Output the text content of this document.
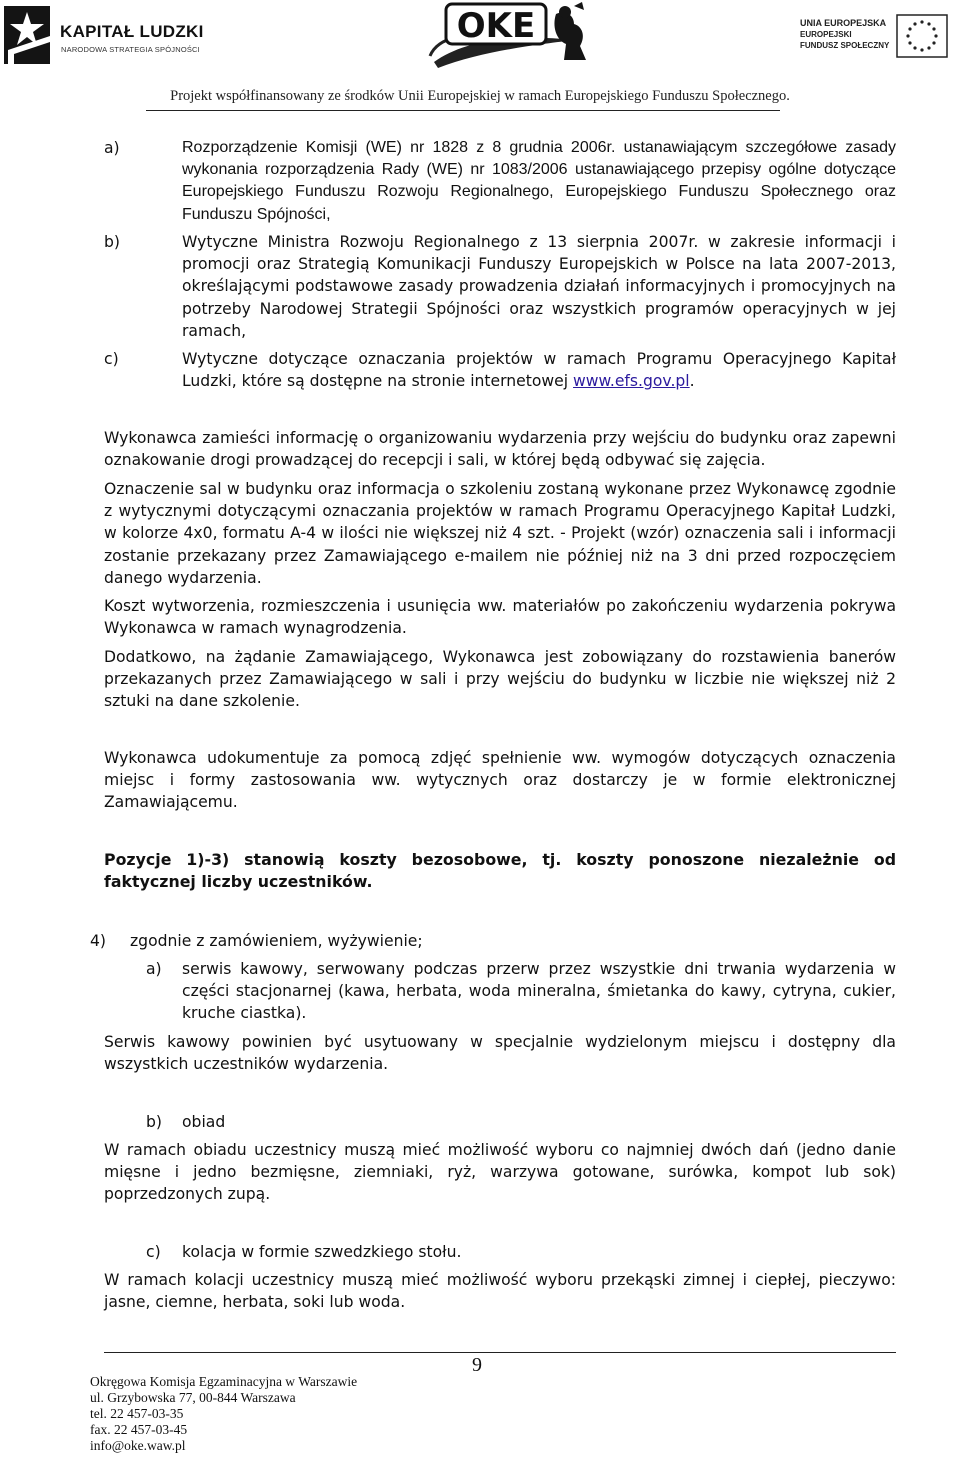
KAPITAŁ LUDZKI
NARODOWA STRATEGIA SPÓJNOŚCI
OKE	UNIA EUROPEJSKA
EUROPEJSKI
FUNDUSZ SPOŁECZNY
Projekt współfinansowany ze środków Unii Europejskiej w ramach Europejskiego Funduszu Społecznego.
a)	Rozporządzenie Komisji (WE) nr 1828 z 8 grudnia 2006r. ustanawiającym szczegółowe zasady wykonania rozporządzenia Rady (WE) nr 1083/2006 ustanawiającego przepisy ogólne dotyczące Europejskiego Funduszu Rozwoju Regionalnego, Europejskiego Funduszu Społecznego oraz Funduszu Spójności,

b)	Wytyczne Ministra Rozwoju Regionalnego z 13 sierpnia 2007r. w zakresie informacji i promocji oraz Strategią Komunikacji Funduszy Europejskich w Polsce na lata 2007-2013, określającymi podstawowe zasady prowadzenia działań informacyjnych i promocyjnych na potrzeby Narodowej Strategii Spójności oraz wszystkich programów operacyjnych w jej ramach,

c)	Wytyczne dotyczące oznaczania projektów w ramach Programu Operacyjnego Kapitał Ludzki, które są dostępne na stronie internetowej www.efs.gov.pl.

Wykonawca zamieści informację o organizowaniu wydarzenia przy wejściu do budynku oraz zapewni oznakowanie drogi prowadzącej do recepcji i sali, w której będą odbywać się zajęcia.

Oznaczenie sal w budynku oraz informacja o szkoleniu zostaną wykonane przez Wykonawcę zgodnie z wytycznymi dotyczącymi oznaczania projektów w ramach Programu Operacyjnego Kapitał Ludzki, w kolorze 4x0, formatu A-4 w ilości nie większej niż 4 szt. - Projekt (wzór) oznaczenia sali i informacji zostanie przekazany przez Zamawiającego e-mailem nie później niż na 3 dni przed rozpoczęciem danego wydarzenia.

Koszt wytworzenia, rozmieszczenia i usunięcia ww. materiałów po zakończeniu wydarzenia pokrywa Wykonawca w ramach wynagrodzenia.

Dodatkowo, na żądanie Zamawiającego, Wykonawca jest zobowiązany do rozstawienia banerów przekazanych przez Zamawiającego w sali i przy wejściu do budynku w liczbie nie większej niż 2 sztuki na dane szkolenie.

Wykonawca udokumentuje za pomocą zdjęć spełnienie ww. wymogów dotyczących oznaczenia miejsc i formy zastosowania ww. wytycznych oraz dostarczy je w formie elektronicznej Zamawiającemu.

Pozycje 1)-3) stanowią koszty bezosobowe, tj. koszty ponoszone niezależnie od faktycznej liczby uczestników.

4) zgodnie z zamówieniem, wyżywienie;

a) serwis kawowy, serwowany podczas przerw przez wszystkie dni trwania wydarzenia w części stacjonarnej (kawa, herbata, woda mineralna, śmietanka do kawy, cytryna, cukier, kruche ciastka).

Serwis kawowy powinien być usytuowany w specjalnie wydzielonym miejscu i dostępny dla wszystkich uczestników wydarzenia.

b) obiad

W ramach obiadu uczestnicy muszą mieć możliwość wyboru co najmniej dwóch dań (jedno danie mięsne i jedno bezmięsne, ziemniaki, ryż, warzywa gotowane, surówka, kompot lub sok) poprzedzonych zupą.

c) kolacja w formie szwedzkiego stołu.

W ramach kolacji uczestnicy muszą mieć możliwość wyboru przekąski zimnej i ciepłej, pieczywo: jasne, ciemne, herbata, soki lub woda.

9
Okręgowa Komisja Egzaminacyjna w Warszawie
ul. Grzybowska 77, 00-844 Warszawa
tel. 22 457-03-35
fax. 22 457-03-45
info@oke.waw.pl
